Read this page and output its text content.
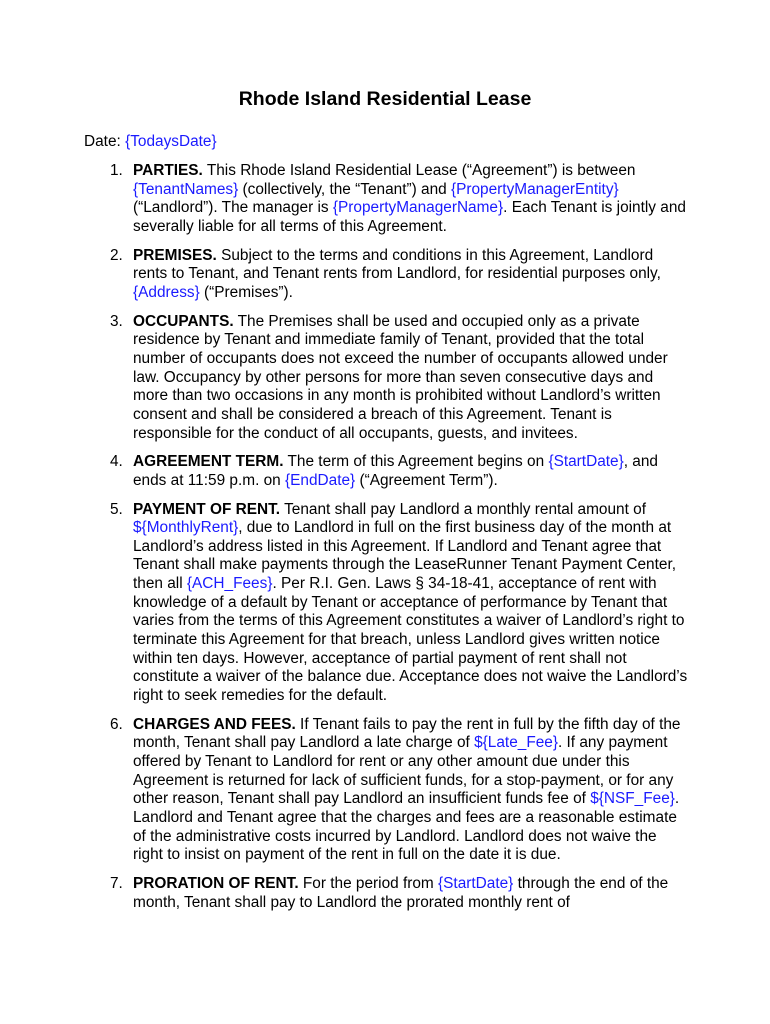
Rhode Island Residential Lease

Date: {TodaysDate}

1. PARTIES. This Rhode Island Residential Lease (“Agreement”) is between {TenantNames} (collectively, the “Tenant”) and {PropertyManagerEntity} (“Landlord”). The manager is {PropertyManagerName}. Each Tenant is jointly and severally liable for all terms of this Agreement.
2. PREMISES. Subject to the terms and conditions in this Agreement, Landlord rents to Tenant, and Tenant rents from Landlord, for residential purposes only, {Address} (“Premises”).
3. OCCUPANTS. The Premises shall be used and occupied only as a private residence by Tenant and immediate family of Tenant, provided that the total number of occupants does not exceed the number of occupants allowed under law. Occupancy by other persons for more than seven consecutive days and more than two occasions in any month is prohibited without Landlord’s written consent and shall be considered a breach of this Agreement. Tenant is responsible for the conduct of all occupants, guests, and invitees.
4. AGREEMENT TERM. The term of this Agreement begins on {StartDate}, and ends at 11:59 p.m. on {EndDate} (“Agreement Term”).
5. PAYMENT OF RENT. Tenant shall pay Landlord a monthly rental amount of ${MonthlyRent}, due to Landlord in full on the first business day of the month at Landlord’s address listed in this Agreement. If Landlord and Tenant agree that Tenant shall make payments through the LeaseRunner Tenant Payment Center, then all {ACH_Fees}. Per R.I. Gen. Laws § 34-18-41, acceptance of rent with knowledge of a default by Tenant or acceptance of performance by Tenant that varies from the terms of this Agreement constitutes a waiver of Landlord’s right to terminate this Agreement for that breach, unless Landlord gives written notice within ten days. However, acceptance of partial payment of rent shall not constitute a waiver of the balance due. Acceptance does not waive the Landlord’s right to seek remedies for the default.
6. CHARGES AND FEES. If Tenant fails to pay the rent in full by the fifth day of the month, Tenant shall pay Landlord a late charge of ${Late_Fee}. If any payment offered by Tenant to Landlord for rent or any other amount due under this Agreement is returned for lack of sufficient funds, for a stop-payment, or for any other reason, Tenant shall pay Landlord an insufficient funds fee of ${NSF_Fee}. Landlord and Tenant agree that the charges and fees are a reasonable estimate of the administrative costs incurred by Landlord. Landlord does not waive the right to insist on payment of the rent in full on the date it is due.
7. PRORATION OF RENT. For the period from {StartDate} through the end of the month, Tenant shall pay to Landlord the prorated monthly rent of
